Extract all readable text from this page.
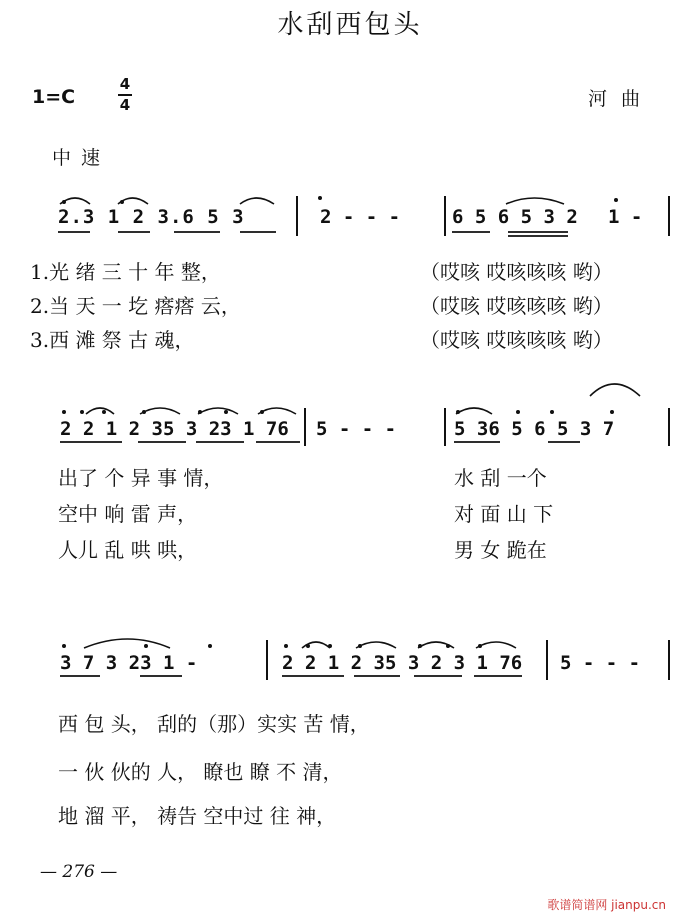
水刮西包头
1=C
4
4	河曲
中速
2.3 1 2 3.6 5 3	2 - - -	6 5 6 5 3 2 1 -
1.光 绪 三 十 年 整，	（哎咳 哎咳咳咳 哟）
2.当 天 一 圪 瘩瘩 云，	（哎咳 哎咳咳咳 哟）
3.西 滩 祭 古 魂，	（哎咳 哎咳咳咳 哟）
2 2 1 2 35 3 23 1 76 5 - - -	5 36 5 6 5 3 7
出了 个 异 事 情，	水 刮 一个
空中 响 雷 声，	对 面 山 下
人儿 乱 哄 哄，	男 女 跪在
3 7 3 23 1 -	2 2 1 2 35 3 2 3 1 76 5 - - -
西 包 头， 刮的（那）实实 苦 情，
一 伙 伙的 人， 瞭也 瞭 不 清，
地 溜 平， 祷告 空中过 往 神，
— 276 —
歌谱简谱网 jianpu.cn
